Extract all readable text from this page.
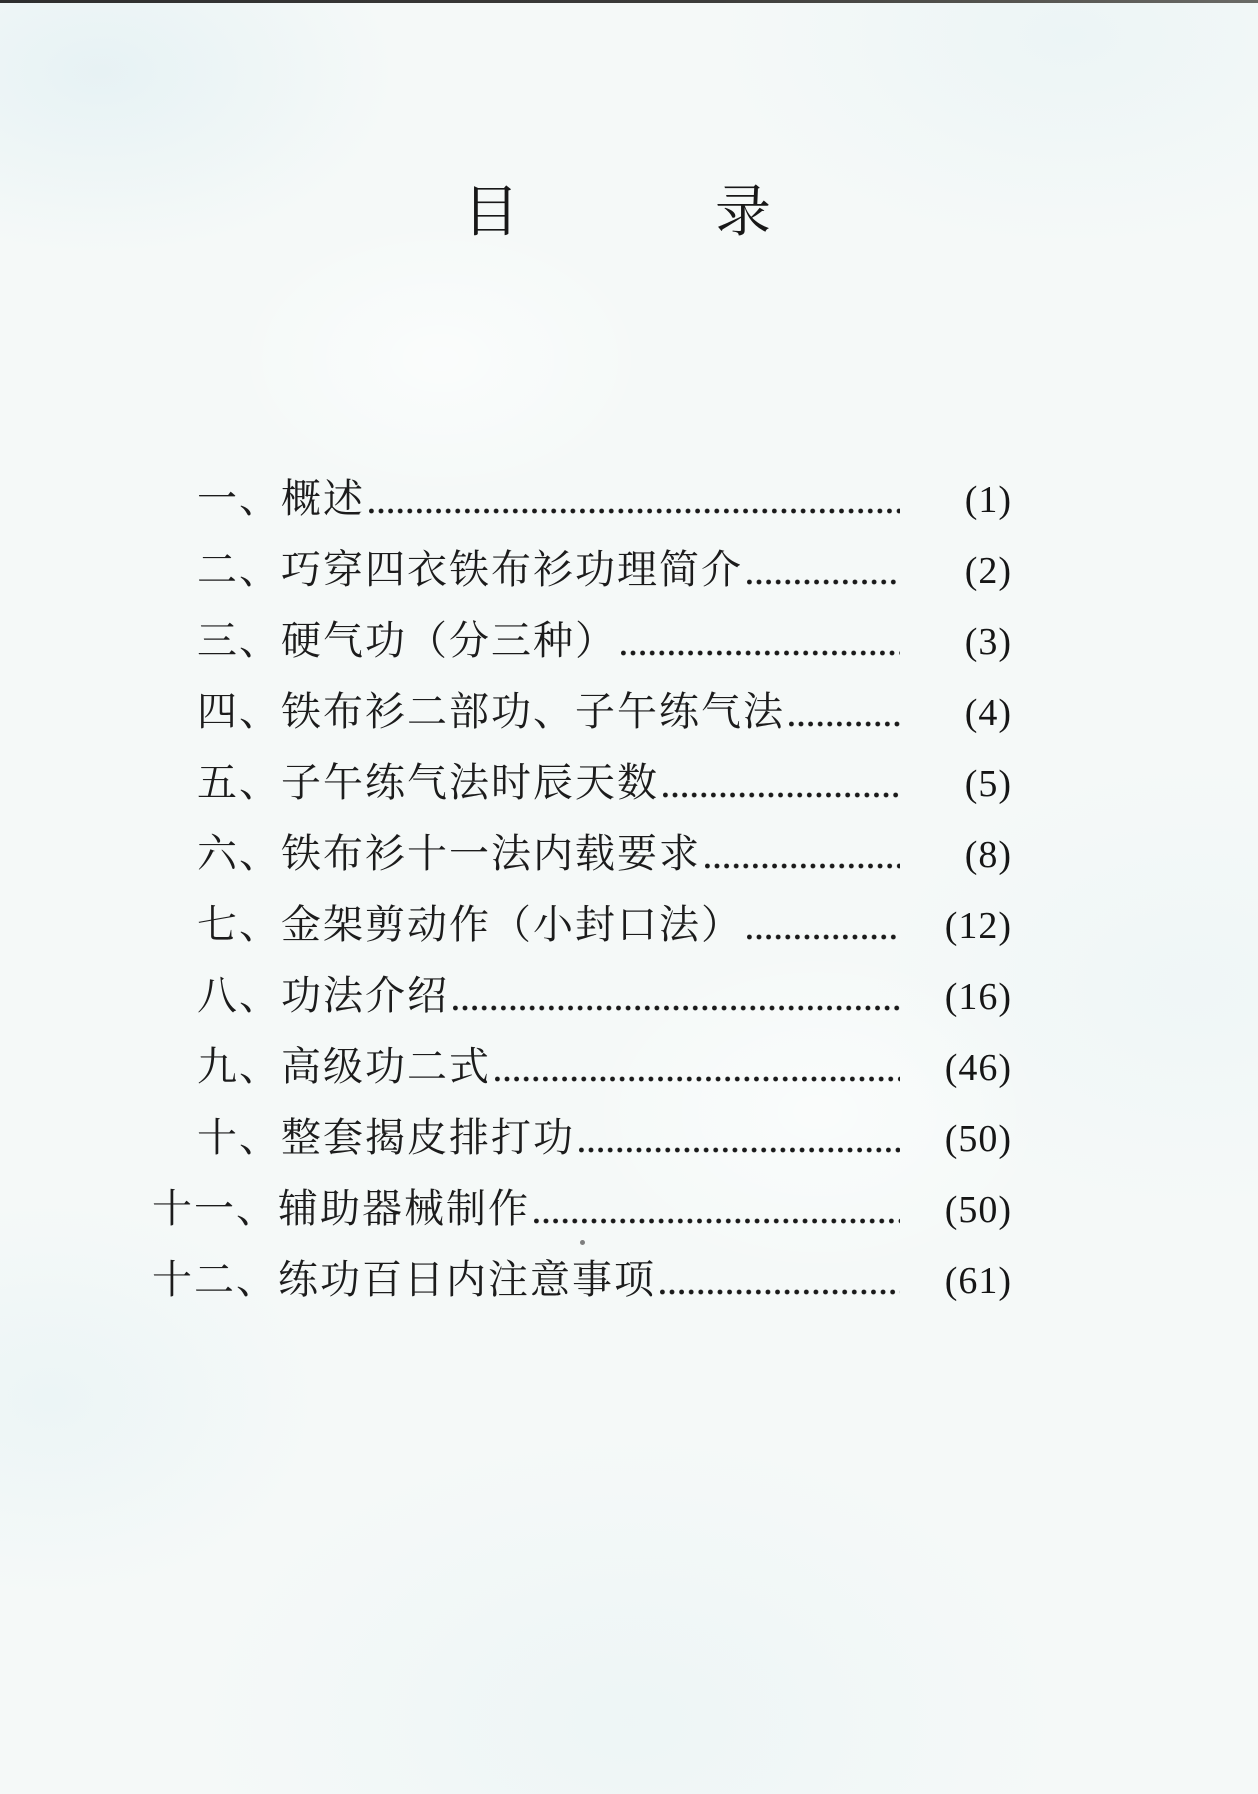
目	录
一、概述	(1)
二、巧穿四衣铁布衫功理简介	(2)
三、硬气功（分三种）	(3)
四、铁布衫二部功、子午练气法	(4)
五、子午练气法时辰天数	(5)
六、铁布衫十一法内载要求	(8)
七、金架剪动作（小封口法）	(12)
八、功法介绍	(16)
九、高级功二式	(46)
十、整套揭皮排打功	(50)
十一、辅助器械制作	(50)
十二、练功百日内注意事项	(61)
